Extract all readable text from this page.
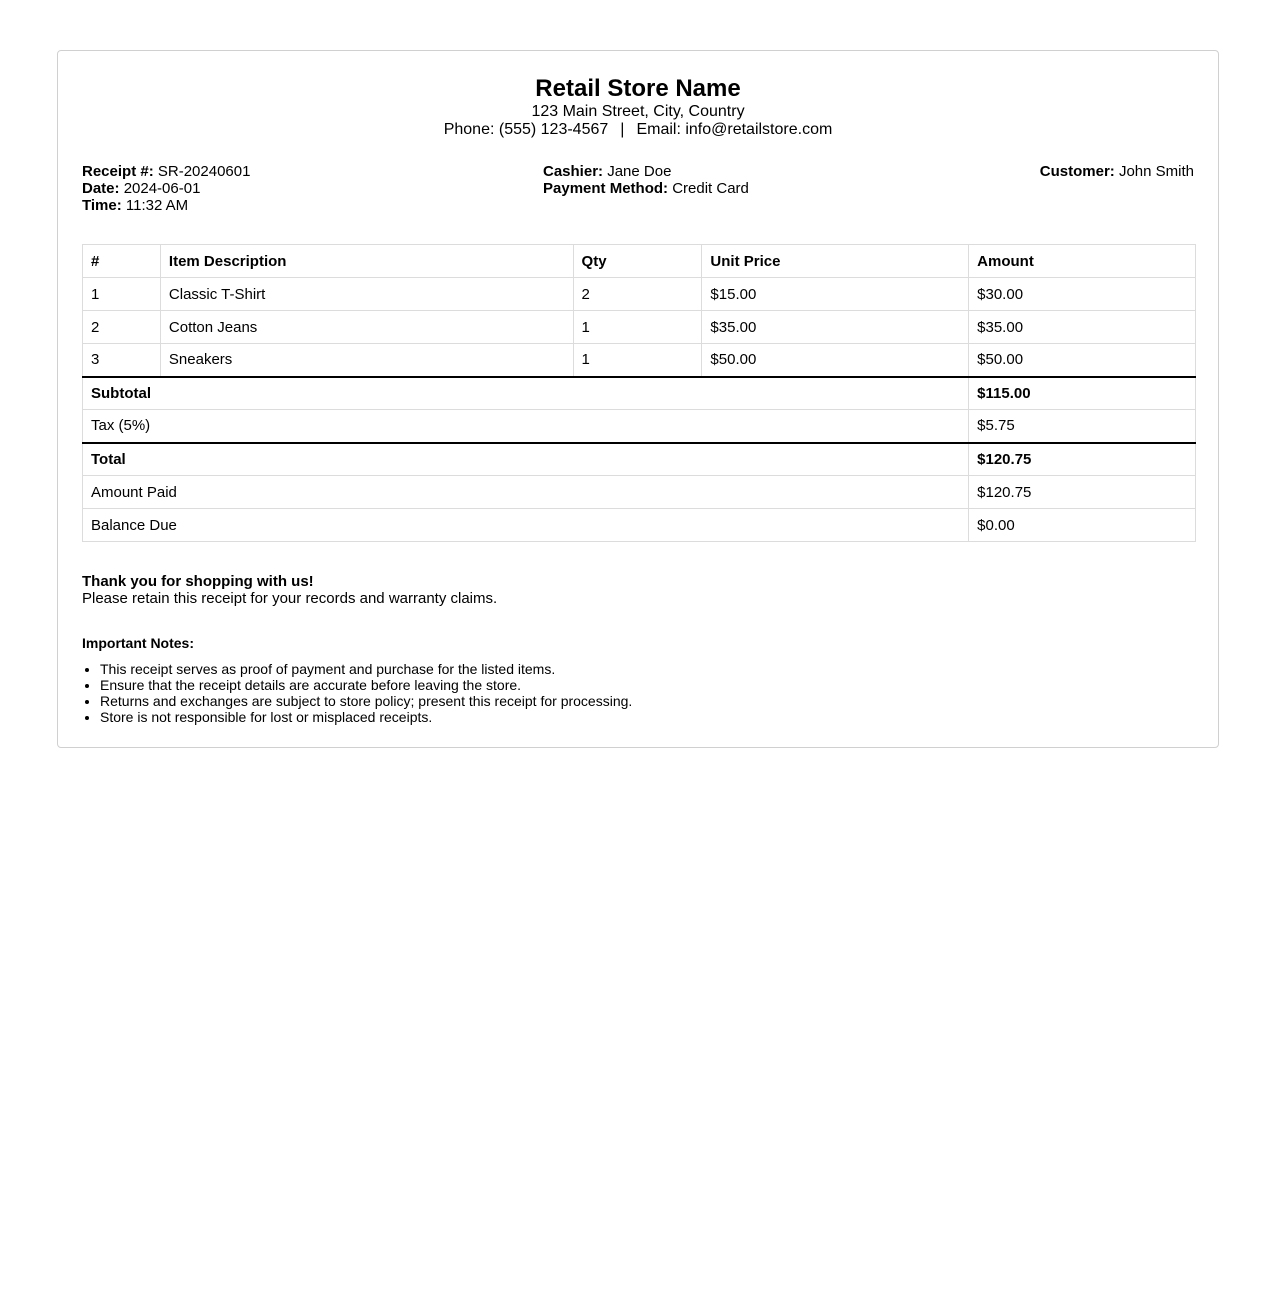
Retail Store Name
123 Main Street, City, Country
Phone: (555) 123-4567 | Email: info@retailstore.com
Receipt #: SR-20240601
Date: 2024-06-01
Time: 11:32 AM
Cashier: Jane Doe
Payment Method: Credit Card
Customer: John Smith
#	Item Description	Qty	Unit Price	Amount
1	Classic T-Shirt	2	$15.00	$30.00
2	Cotton Jeans	1	$35.00	$35.00
3	Sneakers	1	$50.00	$50.00
Subtotal				$115.00
Tax (5%)				$5.75
Total				$120.75
Amount Paid				$120.75
Balance Due				$0.00
Thank you for shopping with us!
Please retain this receipt for your records and warranty claims.
Important Notes:
• This receipt serves as proof of payment and purchase for the listed items.
• Ensure that the receipt details are accurate before leaving the store.
• Returns and exchanges are subject to store policy; present this receipt for processing.
• Store is not responsible for lost or misplaced receipts.
